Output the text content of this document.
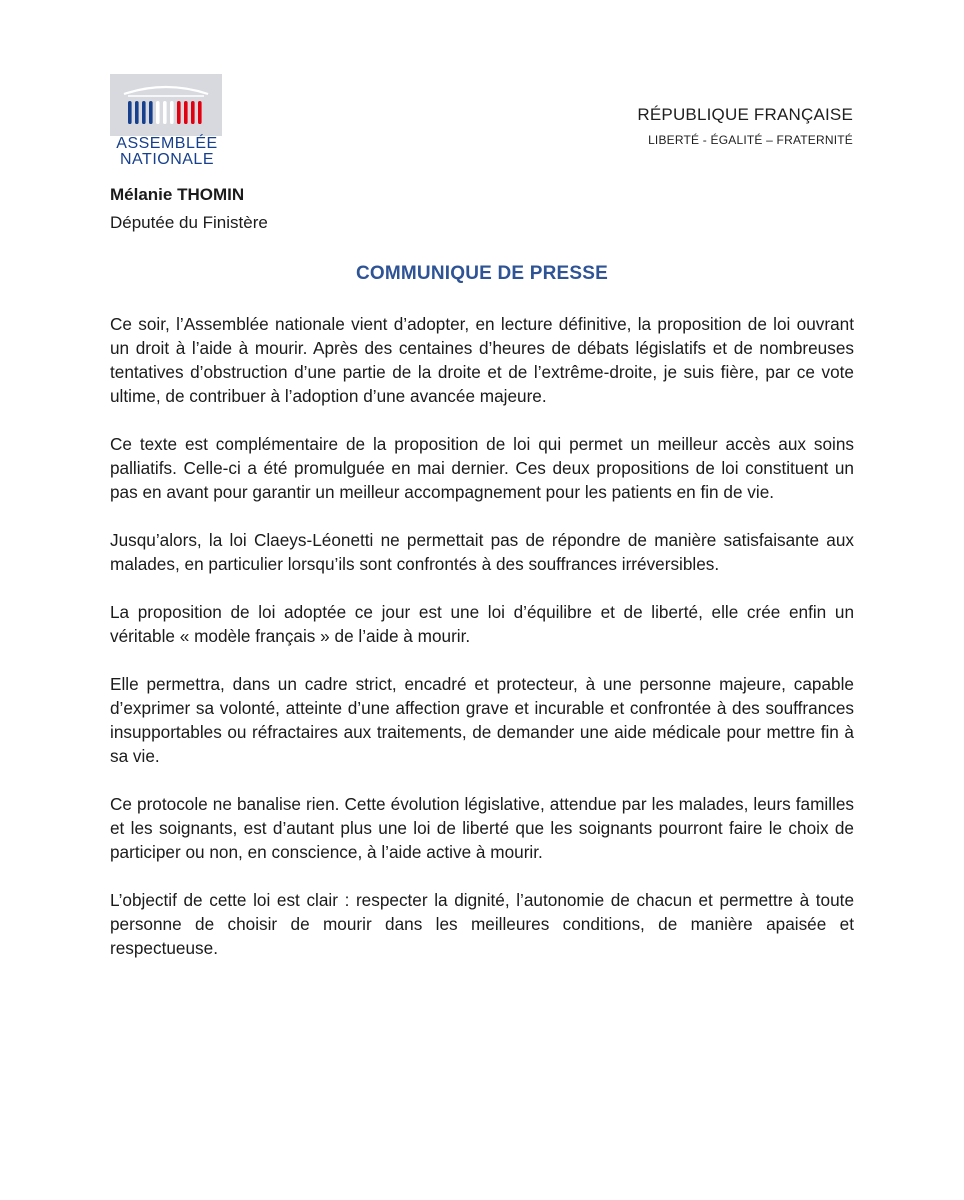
ASSEMBLÉE
NATIONALE
RÉPUBLIQUE FRANÇAISE
LIBERTÉ - ÉGALITÉ – FRATERNITÉ
Mélanie THOMIN
Députée du Finistère
COMMUNIQUE DE PRESSE

Ce soir, l’Assemblée nationale vient d’adopter, en lecture définitive, la proposition de loi ouvrant un droit à l’aide à mourir. Après des centaines d’heures de débats législatifs et de nombreuses tentatives d’obstruction d’une partie de la droite et de l’extrême-droite, je suis fière, par ce vote ultime, de contribuer à l’adoption d’une avancée majeure.

Ce texte est complémentaire de la proposition de loi qui permet un meilleur accès aux soins palliatifs. Celle-ci a été promulguée en mai dernier. Ces deux propositions de loi constituent un pas en avant pour garantir un meilleur accompagnement pour les patients en fin de vie.

Jusqu’alors, la loi Claeys-Léonetti ne permettait pas de répondre de manière satisfaisante aux malades, en particulier lorsqu’ils sont confrontés à des souffrances irréversibles.

La proposition de loi adoptée ce jour est une loi d’équilibre et de liberté, elle crée enfin un véritable « modèle français » de l’aide à mourir.

Elle permettra, dans un cadre strict, encadré et protecteur, à une personne majeure, capable d’exprimer sa volonté, atteinte d’une affection grave et incurable et confrontée à des souffrances insupportables ou réfractaires aux traitements, de demander une aide médicale pour mettre fin à sa vie.

Ce protocole ne banalise rien. Cette évolution législative, attendue par les malades, leurs familles et les soignants, est d’autant plus une loi de liberté que les soignants pourront faire le choix de participer ou non, en conscience, à l’aide active à mourir.

L’objectif de cette loi est clair : respecter la dignité, l’autonomie de chacun et permettre à toute personne de choisir de mourir dans les meilleures conditions, de manière apaisée et respectueuse.
